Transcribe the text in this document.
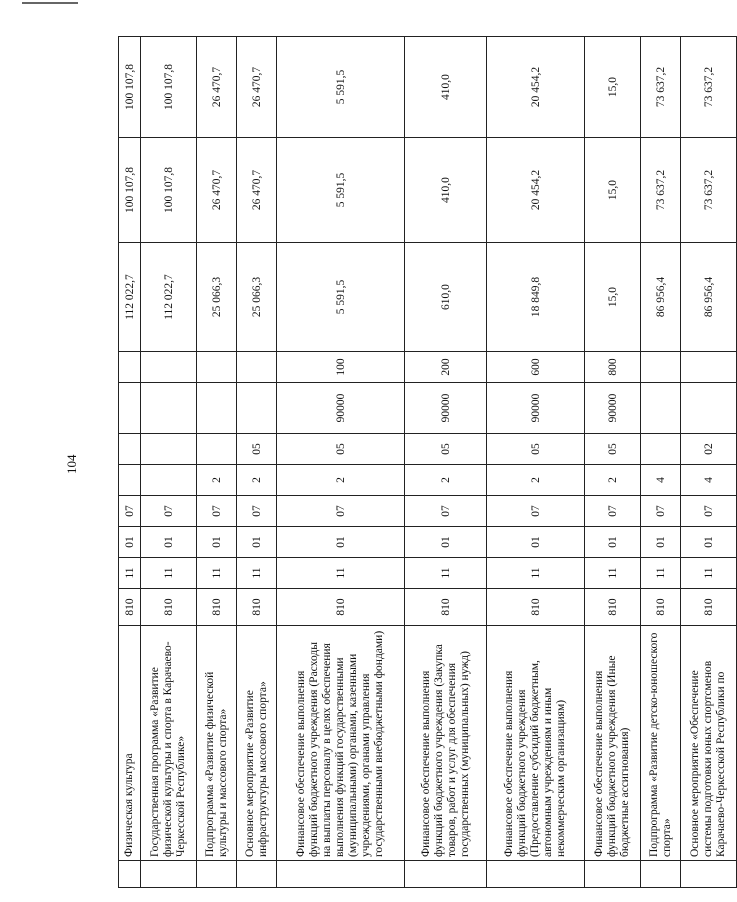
104
	Физическая культура	810	11	01	07					112 022,7	100 107,8	100 107,8
	Государственная программа «Развитие физической культуры и спорта в Карачаево-Черкесской Республике»	810	11	01	07					112 022,7	100 107,8	100 107,8
	Подпрограмма «Развитие физической культуры и массового спорта»	810	11	01	07	2				25 066,3	26 470,7	26 470,7
	Основное мероприятие «Развитие инфраструктуры массового спорта»	810	11	01	07	2	05			25 066,3	26 470,7	26 470,7
	Финансовое обеспечение выполнения функций бюджетного учреждения (Расходы на выплаты персоналу в целях обеспечения выполнения функций государственными (муниципальными) органами, казенными учреждениями, органами управления государственными внебюджетными фондами)	810	11	01	07	2	05	90000	100	5 591,5	5 591,5	5 591,5
	Финансовое обеспечение выполнения функций бюджетного учреждения (Закупка товаров, работ и услуг для обеспечения государственных (муниципальных) нужд)	810	11	01	07	2	05	90000	200	610,0	410,0	410,0
	Финансовое обеспечение выполнения функций бюджетного учреждения (Предоставление субсидий бюджетным, автономным учреждениям и иным некоммерческим организациям)	810	11	01	07	2	05	90000	600	18 849,8	20 454,2	20 454,2
	Финансовое обеспечение выполнения функций бюджетного учреждения (Иные бюджетные ассигнования)	810	11	01	07	2	05	90000	800	15,0	15,0	15,0
	Подпрограмма «Развитие детско-юношеского спорта»	810	11	01	07	4				86 956,4	73 637,2	73 637,2
	Основное мероприятие «Обеспечение системы подготовки юных спортсменов Карачаево-Черкесской Республики по	810	11	01	07	4	02			86 956,4	73 637,2	73 637,2
